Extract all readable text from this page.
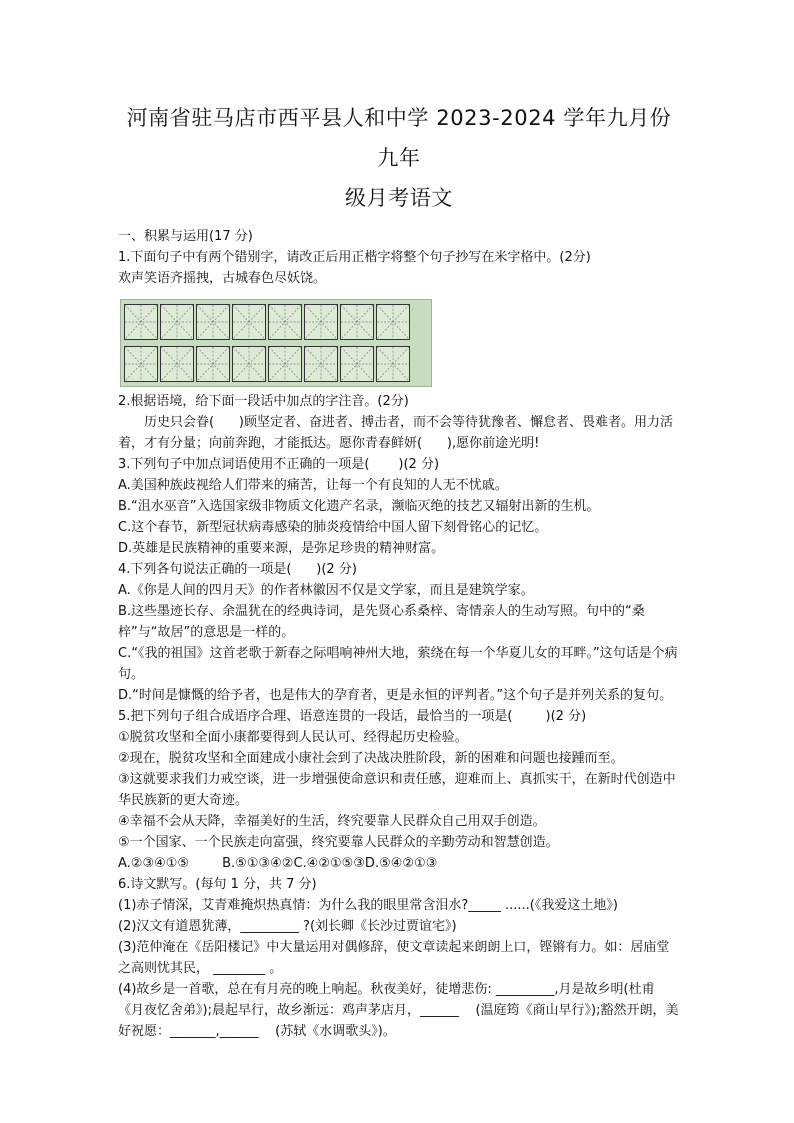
河南省驻马店市西平县人和中学 2023-2024 学年九月份九年

级月考语文

一、积累与运用(17 分)

1.下面句子中有两个错别字，请改正后用正楷字将整个句子抄写在米字格中。(2分)

欢声笑语齐摇拽，古城春色尽妖饶。

2.根据语境，给下面一段话中加点的字注音。(2分)

历史只会眷(      )顾坚定者、奋进者、搏击者，而不会等待犹豫者、懈怠者、畏难者。用力活着，才有分量；向前奔跑，才能抵达。愿你青春鲜妍(      ),愿你前途光明!

3.下列句子中加点词语使用不正确的一项是(       )(2 分)

A.美国种族歧视给人们带来的痛苦，让每一个有良知的人无不忧戚。

B.“沮水巫音”入选国家级非物质文化遗产名录，濒临灭绝的技艺又辐射出新的生机。

C.这个春节，新型冠状病毒感染的肺炎疫情给中国人留下刻骨铭心的记忆。

D.英雄是民族精神的重要来源，是弥足珍贵的精神财富。

4.下列各句说法正确的一项是(      )(2 分)

A.《你是人间的四月天》的作者林徽因不仅是文学家，而且是建筑学家。

B.这些墨迹长存、余温犹在的经典诗词，是先贤心系桑梓、寄情亲人的生动写照。句中的“桑梓”与“故居”的意思是一样的。

C.“《我的祖国》这首老歌于新春之际唱响神州大地，萦绕在每一个华夏儿女的耳畔。”这句话是个病句。

D.“时间是慷慨的给予者，也是伟大的孕育者，更是永恒的评判者。”这个句子是并列关系的复句。

5.把下列句子组合成语序合理、语意连贯的一段话，最恰当的一项是(        )(2 分)

①脱贫攻坚和全面小康都要得到人民认可、经得起历史检验。

②现在，脱贫攻坚和全面建成小康社会到了决战决胜阶段，新的困难和问题也接踵而至。

③这就要求我们力戒空谈，进一步增强使命意识和责任感，迎难而上、真抓实干，在新时代创造中华民族新的更大奇迹。

④幸福不会从天降，幸福美好的生活，终究要靠人民群众自己用双手创造。

⑤一个国家、一个民族走向富强，终究要靠人民群众的辛勤劳动和智慧创造。

A.②③④①⑤        B.⑤①③④②C.④②①⑤③D.⑤④②①③

6.诗文默写。(每句 1 分，共 7 分)

(1)赤子情深，艾青难掩炽热真情：为什么我的眼里常含泪水?_____ ......(《我爱这土地》)

(2)汉文有道恩犹薄，_________ ?(刘长卿《长沙过贾谊宅》)

(3)范仲淹在《岳阳楼记》中大量运用对偶修辞，使文章读起来朗朗上口，铿锵有力。如：居庙堂之高则忧其民， ________ 。

(4)故乡是一首歌，总在有月亮的晚上响起。秋夜美好，徒增悲伤: _________,月是故乡明(杜甫《月夜忆舍弟》);晨起早行，故乡渐远：鸡声茅店月，______    (温庭筠《商山早行》);豁然开朗，美好祝愿：_______,______    (苏轼《水调歌头》)。
